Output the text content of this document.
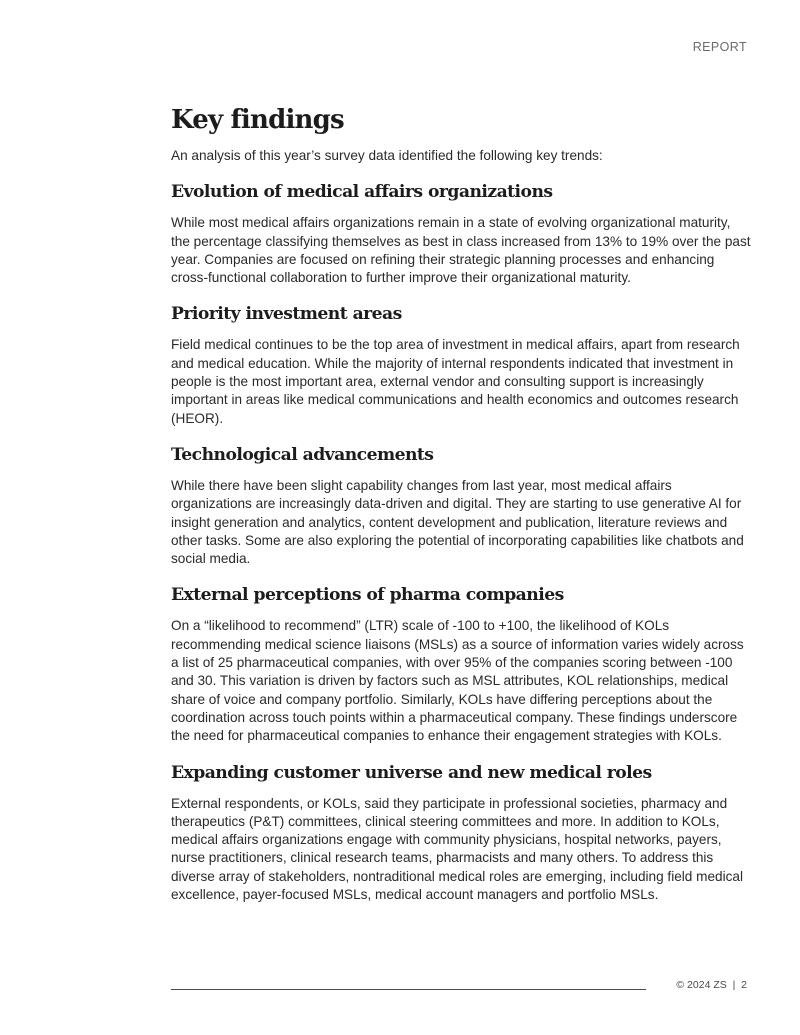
REPORT
Key findings

An analysis of this year’s survey data identified the following key trends:

Evolution of medical affairs organizations

While most medical affairs organizations remain in a state of evolving organizational maturity, the percentage classifying themselves as best in class increased from 13% to 19% over the past year. Companies are focused on refining their strategic planning processes and enhancing cross-functional collaboration to further improve their organizational maturity.

Priority investment areas

Field medical continues to be the top area of investment in medical affairs, apart from research and medical education. While the majority of internal respondents indicated that investment in people is the most important area, external vendor and consulting support is increasingly important in areas like medical communications and health economics and outcomes research (HEOR).

Technological advancements

While there have been slight capability changes from last year, most medical affairs organizations are increasingly data-driven and digital. They are starting to use generative AI for insight generation and analytics, content development and publication, literature reviews and other tasks. Some are also exploring the potential of incorporating capabilities like chatbots and social media.

External perceptions of pharma companies

On a “likelihood to recommend” (LTR) scale of -100 to +100, the likelihood of KOLs recommending medical science liaisons (MSLs) as a source of information varies widely across a list of 25 pharmaceutical companies, with over 95% of the companies scoring between -100 and 30. This variation is driven by factors such as MSL attributes, KOL relationships, medical share of voice and company portfolio. Similarly, KOLs have differing perceptions about the coordination across touch points within a pharmaceutical company. These findings underscore the need for pharmaceutical companies to enhance their engagement strategies with KOLs.

Expanding customer universe and new medical roles

External respondents, or KOLs, said they participate in professional societies, pharmacy and therapeutics (P&T) committees, clinical steering committees and more. In addition to KOLs, medical affairs organizations engage with community physicians, hospital networks, payers, nurse practitioners, clinical research teams, pharmacists and many others. To address this diverse array of stakeholders, nontraditional medical roles are emerging, including field medical excellence, payer-focused MSLs, medical account managers and portfolio MSLs.

© 2024 ZS  |  2
